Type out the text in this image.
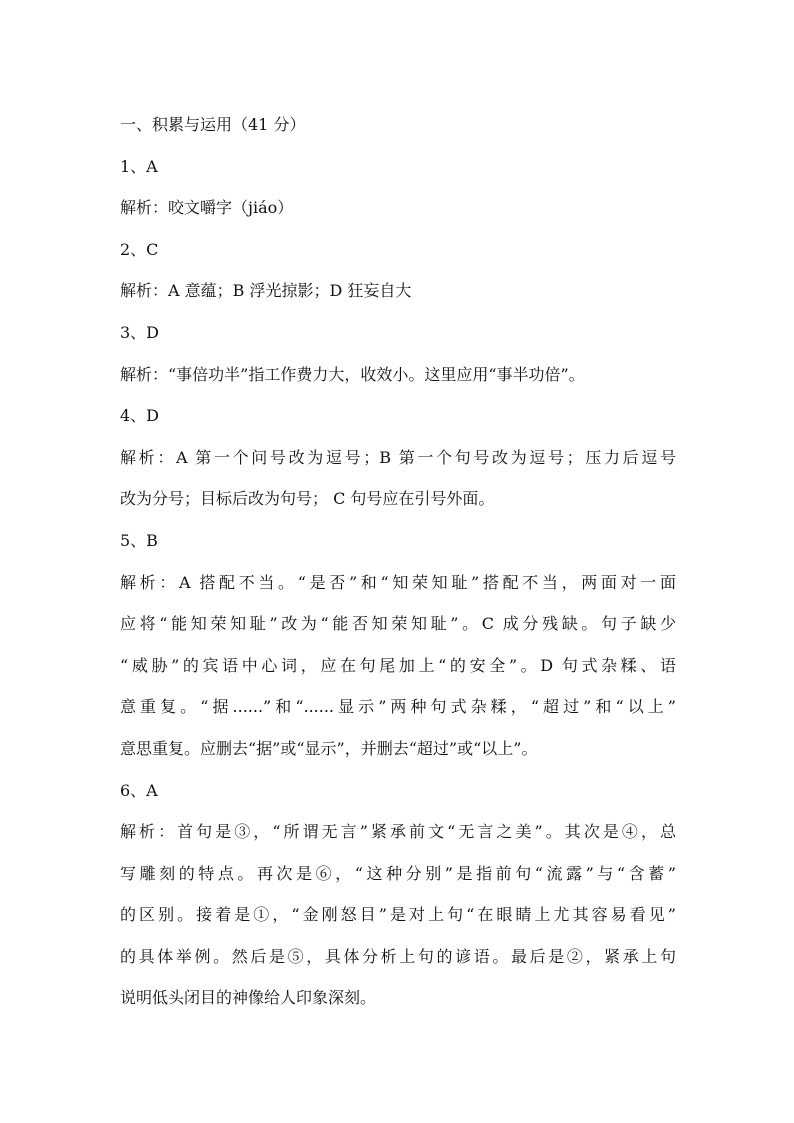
一、积累与运用（41 分）
1、A
解析：咬文嚼字（jiáo）
2、C
解析：A 意蕴；B 浮光掠影；D 狂妄自大
3、D
解析：“事倍功半”指工作费力大，收效小。这里应用“事半功倍”。
4、D
解析：A 第一个问号改为逗号；B 第一个句号改为逗号；压力后逗号
改为分号；目标后改为句号； C 句号应在引号外面。
5、B
解析：A 搭配不当。“是否”和“知荣知耻”搭配不当，两面对一面
应将“能知荣知耻”改为“能否知荣知耻”。C 成分残缺。句子缺少
“威胁”的宾语中心词，应在句尾加上“的安全”。D 句式杂糅、语
意重复。“据......”和“......显示”两种句式杂糅，“超过”和“以上”
意思重复。应删去“据”或“显示”，并删去“超过”或“以上”。
6、A
解析：首句是③，“所谓无言”紧承前文“无言之美”。其次是④，总
写雕刻的特点。再次是⑥，“这种分别”是指前句“流露”与“含蓄”
的区别。接着是①，“金刚怒目”是对上句“在眼睛上尤其容易看见”
的具体举例。然后是⑤，具体分析上句的谚语。最后是②，紧承上句
说明低头闭目的神像给人印象深刻。
